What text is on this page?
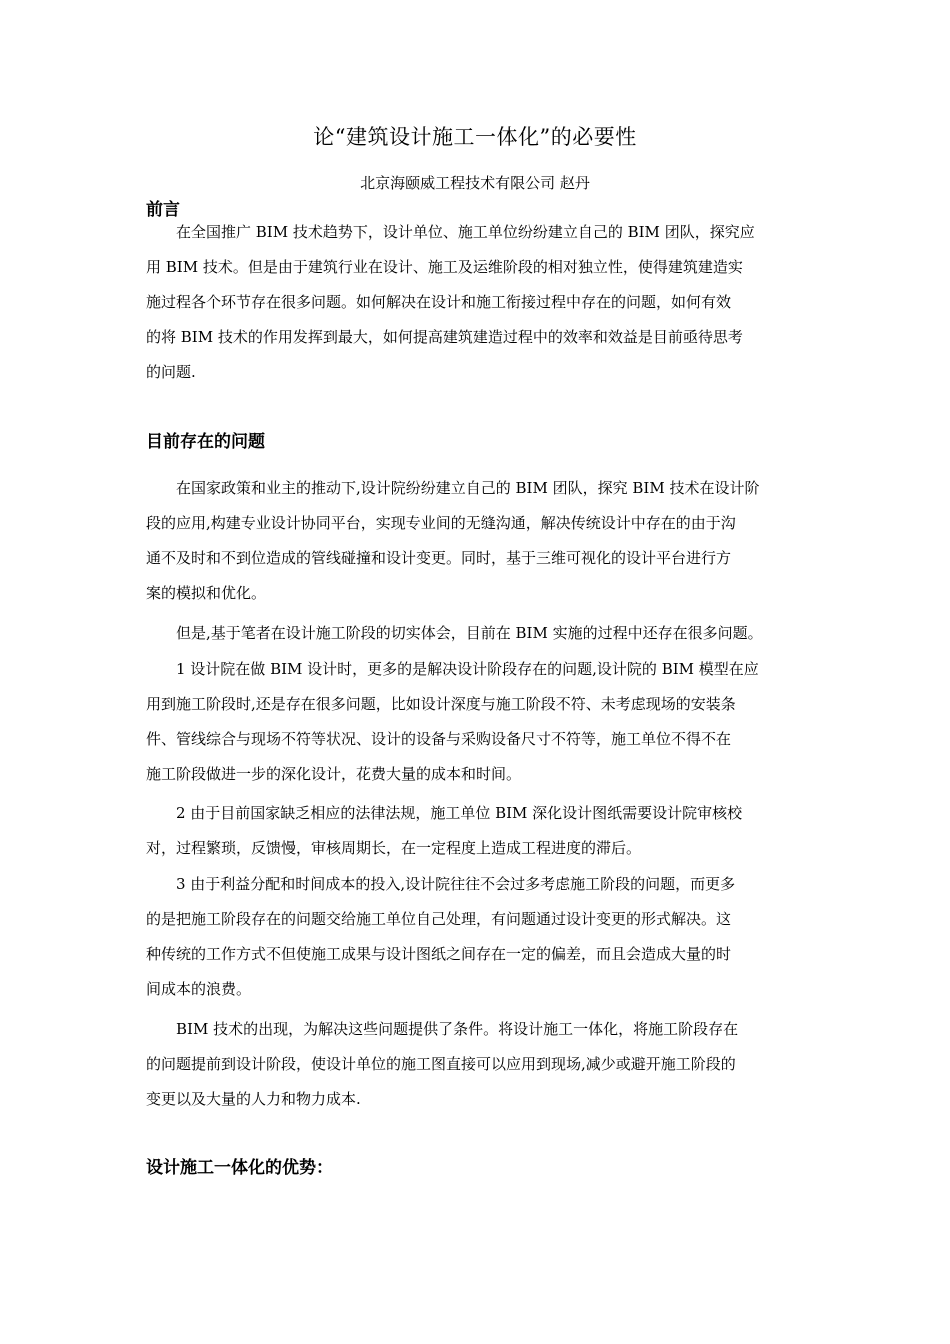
论“建筑设计施工一体化”的必要性
北京海颐威工程技术有限公司 赵丹
前言
在全国推广 BIM 技术趋势下，设计单位、施工单位纷纷建立自己的 BIM 团队，探究应
用 BIM 技术。但是由于建筑行业在设计、施工及运维阶段的相对独立性，使得建筑建造实
施过程各个环节存在很多问题。如何解决在设计和施工衔接过程中存在的问题，如何有效
的将 BIM 技术的作用发挥到最大，如何提高建筑建造过程中的效率和效益是目前亟待思考
的问题.
目前存在的问题
在国家政策和业主的推动下,设计院纷纷建立自己的 BIM 团队，探究 BIM 技术在设计阶
段的应用,构建专业设计协同平台，实现专业间的无缝沟通，解决传统设计中存在的由于沟
通不及时和不到位造成的管线碰撞和设计变更。同时，基于三维可视化的设计平台进行方
案的模拟和优化。
但是,基于笔者在设计施工阶段的切实体会，目前在 BIM 实施的过程中还存在很多问题。
1 设计院在做 BIM 设计时，更多的是解决设计阶段存在的问题,设计院的 BIM 模型在应
用到施工阶段时,还是存在很多问题，比如设计深度与施工阶段不符、未考虑现场的安装条
件、管线综合与现场不符等状况、设计的设备与采购设备尺寸不符等，施工单位不得不在
施工阶段做进一步的深化设计，花费大量的成本和时间。
2 由于目前国家缺乏相应的法律法规，施工单位 BIM 深化设计图纸需要设计院审核校
对，过程繁琐，反馈慢，审核周期长，在一定程度上造成工程进度的滞后。
3 由于利益分配和时间成本的投入,设计院往往不会过多考虑施工阶段的问题，而更多
的是把施工阶段存在的问题交给施工单位自己处理，有问题通过设计变更的形式解决。这
种传统的工作方式不但使施工成果与设计图纸之间存在一定的偏差，而且会造成大量的时
间成本的浪费。
BIM 技术的出现，为解决这些问题提供了条件。将设计施工一体化，将施工阶段存在
的问题提前到设计阶段，使设计单位的施工图直接可以应用到现场,减少或避开施工阶段的
变更以及大量的人力和物力成本.
设计施工一体化的优势：
